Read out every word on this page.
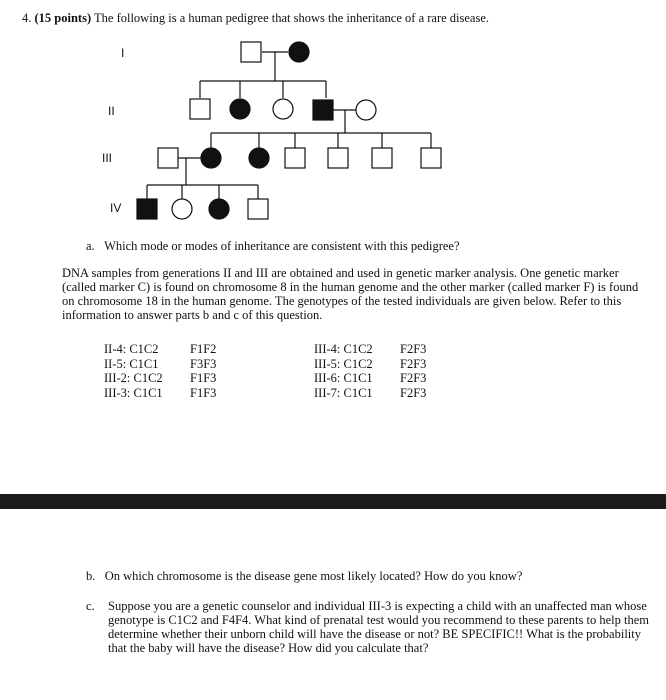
4. (15 points) The following is a human pedigree that shows the inheritance of a rare disease.
I
II
III
IV
a. Which mode or modes of inheritance are consistent with this pedigree?
DNA samples from generations II and III are obtained and used in genetic marker analysis. One genetic marker (called marker C) is found on chromosome 8 in the human genome and the other marker (called marker F) is found on chromosome 18 in the human genome. The genotypes of the tested individuals are given below. Refer to this information to answer parts b and c of this question.
II-4: C1C2	F1F2
II-5: C1C1	F3F3
III-2: C1C2	F1F3
III-3: C1C1	F1F3
III-4: C1C2	F2F3
III-5: C1C2	F2F3
III-6: C1C1	F2F3
III-7: C1C1	F2F3
b. On which chromosome is the disease gene most likely located? How do you know?
c. Suppose you are a genetic counselor and individual III-3 is expecting a child with an unaffected man whose genotype is C1C2 and F4F4. What kind of prenatal test would you recommend to these parents to help them determine whether their unborn child will have the disease or not? BE SPECIFIC!! What is the probability that the baby will have the disease? How did you calculate that?
